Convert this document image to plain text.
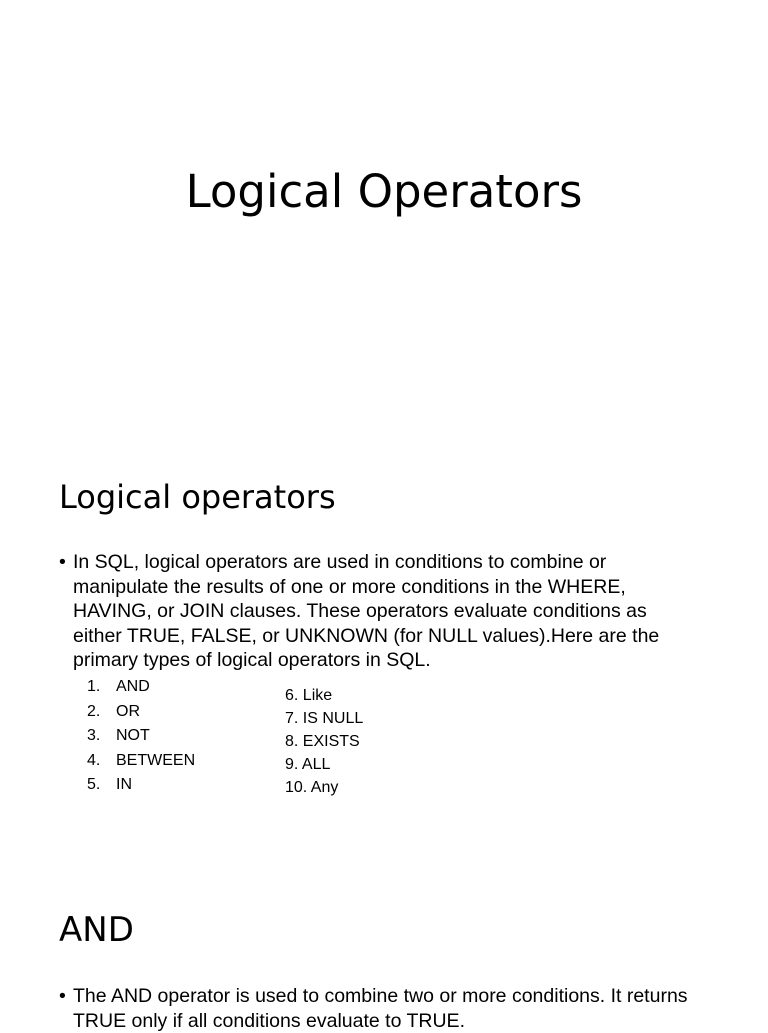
Logical Operators
Logical operators

• In SQL, logical operators are used in conditions to combine or manipulate the results of one or more conditions in the WHERE, HAVING, or JOIN clauses. These operators evaluate conditions as either TRUE, FALSE, or UNKNOWN (for NULL values).Here are the primary types of logical operators in SQL.

1. AND
2. OR
3. NOT
4. BETWEEN
5. IN
6. Like
7. IS NULL
8. EXISTS
9. ALL
10. Any
AND

• The AND operator is used to combine two or more conditions. It returns TRUE only if all conditions evaluate to TRUE.
